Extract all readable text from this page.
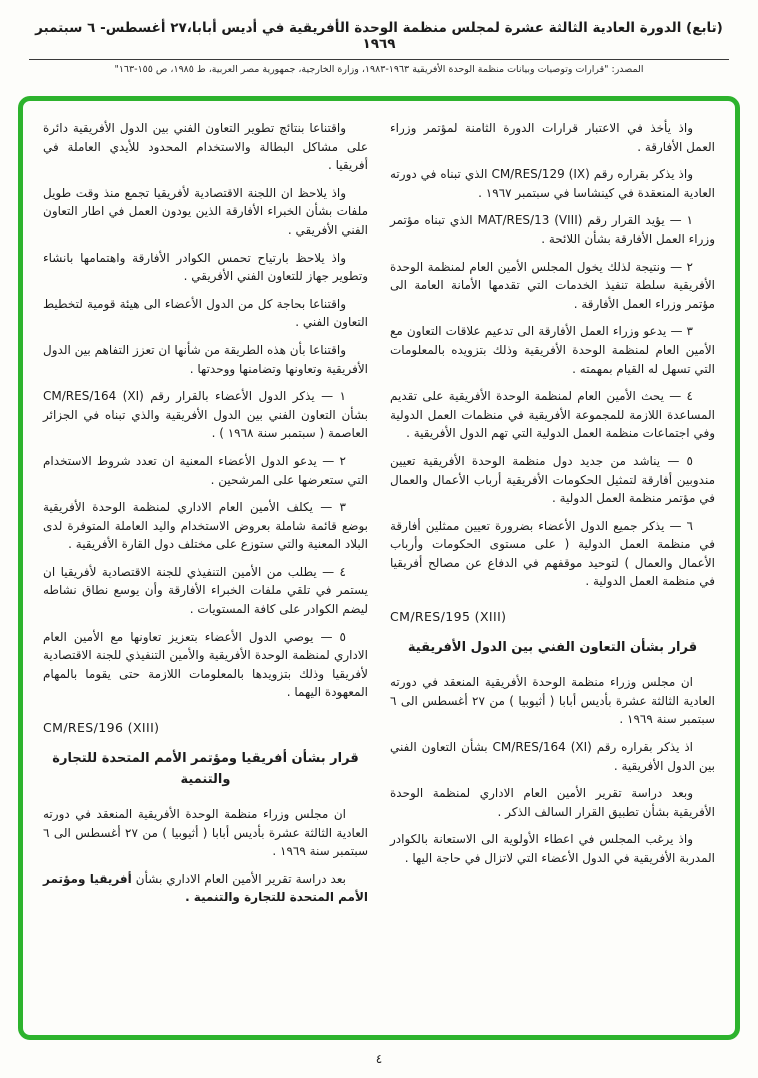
(تابع) الدورة العادية الثالثة عشرة لمجلس منظمة الوحدة الأفريقية في أديس أبابا،٢٧ أغسطس- ٦ سبتمبر ١٩٦٩
المصدر: "قرارات وتوصيات وبيانات منظمة الوحدة الأفريقية ١٩٦٣-١٩٨٣، وزارة الخارجية، جمهورية مصر العربية، ط ١٩٨٥، ص ١٥٥-١٦٣"

واذ يأخذ في الاعتبار قرارات الدورة الثامنة لمؤتمر وزراء العمل الأفارقة .

واذ يذكر بقراره رقم CM/RES/129 (IX) الذي تبناه في دورته العادية المنعقدة في كينشاسا في سبتمبر ١٩٦٧ .

١ — يؤيد القرار رقم MAT/RES/13 (VIII) الذي تبناه مؤتمر وزراء العمل الأفارقة بشأن اللائحة .

٢ — ونتيجة لذلك يخول المجلس الأمين العام لمنظمة الوحدة الأفريقية سلطة تنفيذ الخدمات التي تقدمها الأمانة العامة الى مؤتمر وزراء العمل الأفارقة .

٣ — يدعو وزراء العمل الأفارقة الى تدعيم علاقات التعاون مع الأمين العام لمنظمة الوحدة الأفريقية وذلك بتزويده بالمعلومات التي تسهل له القيام بمهمته .

٤ — يحث الأمين العام لمنظمة الوحدة الأفريقية على تقديم المساعدة اللازمة للمجموعة الأفريقية في منظمات العمل الدولية وفي اجتماعات منظمة العمل الدولية التي تهم الدول الأفريقية .

٥ — يناشد من جديد دول منظمة الوحدة الأفريقية تعيين مندوبين أفارقة لتمثيل الحكومات الأفريقية أرباب الأعمال والعمال في مؤتمر منظمة العمل الدولية .

٦ — يذكر جميع الدول الأعضاء بضرورة تعيين ممثلين أفارقة في منظمة العمل الدولية ( على مستوى الحكومات وأرباب الأعمال والعمال ) لتوحيد موقفهم في الدفاع عن مصالح أفريقيا في منظمة العمل الدولية .

CM/RES/195 (XIII)

قرار بشأن التعاون الفني بين الدول الأفريقية

ان مجلس وزراء منظمة الوحدة الأفريقية المنعقد في دورته العادية الثالثة عشرة بأديس أبابا ( أثيوبيا ) من ٢٧ أغسطس الى ٦ سبتمبر سنة ١٩٦٩ .

اذ يذكر بقراره رقم CM/RES/164 (XI) بشأن التعاون الفني بين الدول الأفريقية .

وبعد دراسة تقرير الأمين العام الاداري لمنظمة الوحدة الأفريقية بشأن تطبيق القرار السالف الذكر .

واذ يرغب المجلس في اعطاء الأولوية الى الاستعانة بالكوادر المدربة الأفريقية في الدول الأعضاء التي لاتزال في حاجة اليها .

واقتناعا بنتائج تطوير التعاون الفني بين الدول الأفريقية دائرة على مشاكل البطالة والاستخدام المحدود للأيدي العاملة في أفريقيا .

واذ يلاحظ ان اللجنة الاقتصادية لأفريقيا تجمع منذ وقت طويل ملفات بشأن الخبراء الأفارقة الذين يودون العمل في اطار التعاون الفني الأفريقي .

واذ يلاحظ بارتياح تحمس الكوادر الأفارقة واهتمامها بانشاء وتطوير جهاز للتعاون الفني الأفريقي .

واقتناعا بحاجة كل من الدول الأعضاء الى هيئة قومية لتخطيط التعاون الفني .

واقتناعا بأن هذه الطريقة من شأنها ان تعزز التفاهم بين الدول الأفريقية وتعاونها وتضامنها ووحدتها .

١ — يذكر الدول الأعضاء بالقرار رقم CM/RES/164 (XI) بشأن التعاون الفني بين الدول الأفريقية والذي تبناه في الجزائر العاصمة ( سبتمبر سنة ١٩٦٨ ) .

٢ — يدعو الدول الأعضاء المعنية ان تعدد شروط الاستخدام التي ستعرضها على المرشحين .

٣ — يكلف الأمين العام الاداري لمنظمة الوحدة الأفريقية بوضع قائمة شاملة بعروض الاستخدام واليد العاملة المتوفرة لدى البلاد المعنية والتي ستوزع على مختلف دول القارة الأفريقية .

٤ — يطلب من الأمين التنفيذي للجنة الاقتصادية لأفريقيا ان يستمر في تلقي ملفات الخبراء الأفارقة وأن يوسع نطاق نشاطه ليضم الكوادر على كافة المستويات .

٥ — يوصي الدول الأعضاء بتعزيز تعاونها مع الأمين العام الاداري لمنظمة الوحدة الأفريقية والأمين التنفيذي للجنة الاقتصادية لأفريقيا وذلك بتزويدها بالمعلومات اللازمة حتى يقوما بالمهام المعهودة اليهما .

CM/RES/196 (XIII)

قرار بشأن أفريقيا ومؤتمر الأمم المتحدة للتجارة والتنمية

ان مجلس وزراء منظمة الوحدة الأفريقية المنعقد في دورته العادية الثالثة عشرة بأديس أبابا ( أثيوبيا ) من ٢٧ أغسطس الى ٦ سبتمبر سنة ١٩٦٩ .

بعد دراسة تقرير الأمين العام الاداري بشأن أفريقيا ومؤتمر الأمم المتحدة للتجارة والتنمية .

٤
